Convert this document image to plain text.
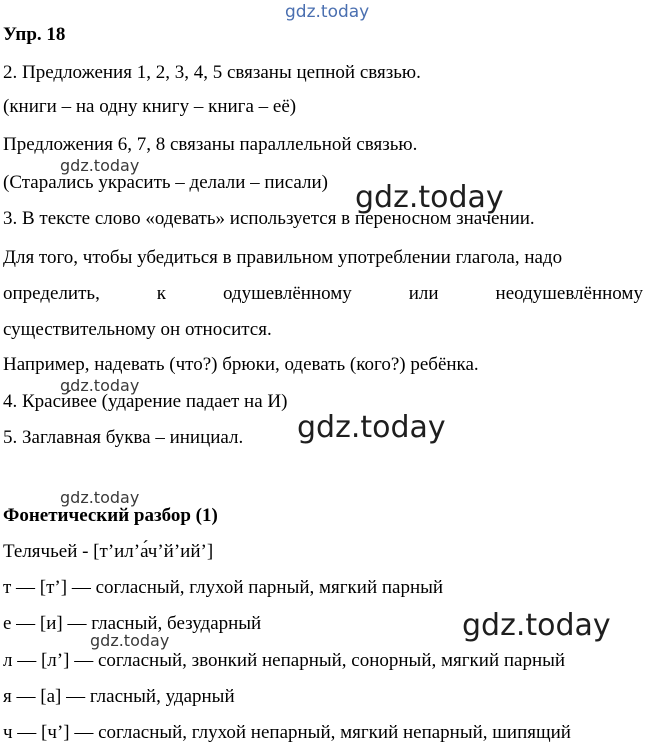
Упр. 18

2. Предложения 1, 2, 3, 4, 5 связаны цепной связью.

(книги – на одну книгу – книга – её)

Предложения 6, 7, 8 связаны параллельной связью.

(Старались украсить – делали – писали)

3. В тексте слово «одевать» используется в переносном значении.

Для того, чтобы убедиться в правильном употреблении глагола, надо

определить,	к	одушевлённому	или	неодушевлённому

существительному он относится.

Например, надевать (что?) брюки, одевать (кого?) ребёнка.

4. Краси́вее (ударение падает на И)

5. Заглавная буква – инициал.

Фонетический разбор (1)

Телячьей - [т’ил’а́ч’й’ий’]

т — [т’] — согласный, глухой парный, мягкий парный

е — [и] — гласный, безударный

л — [л’] — согласный, звонкий непарный, сонорный, мягкий парный

я — [а] — гласный, ударный

ч — [ч’] — согласный, глухой непарный, мягкий непарный, шипящий

gdz.today
gdz.today
gdz.today
gdz.today
gdz.today
gdz.today
gdz.today
gdz.today
